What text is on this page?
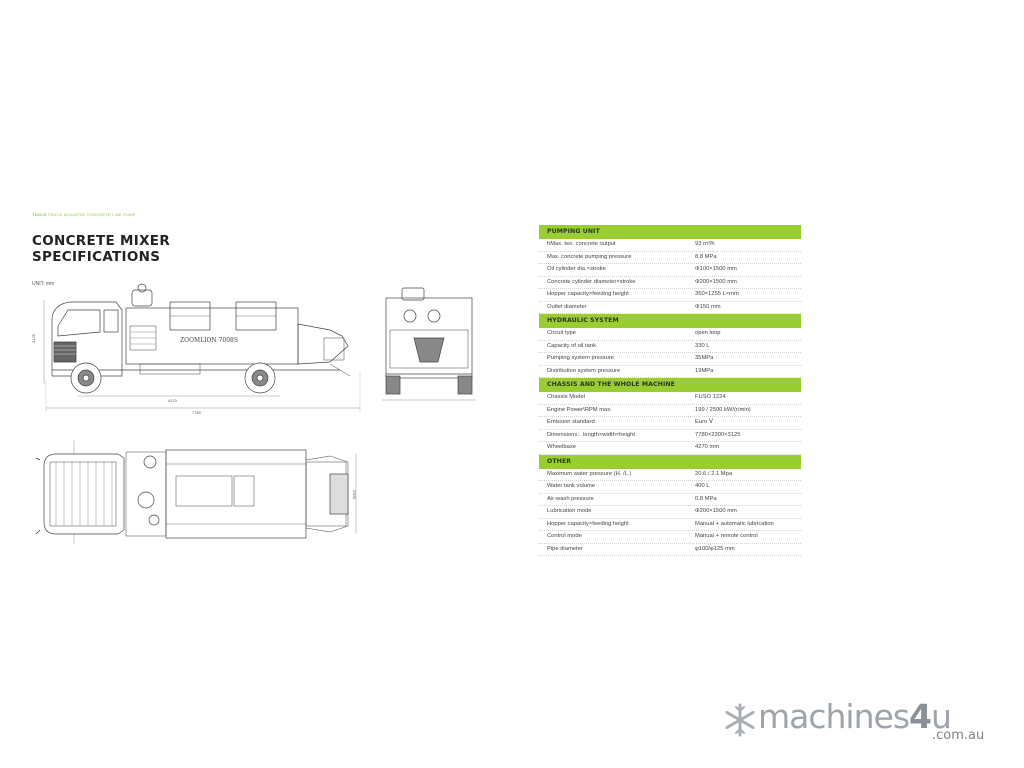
T100-R TRUCK MOUNTED CONCRETE LINE PUMP
CONCRETE MIXER
SPECIFICATIONS
UNIT: mm
ZOOMLION 7008S
3125
4270
7780
2300
PUMPING UNIT
hMax. teo. concrete output	93 m³/h
Max. concrete pumping pressure	8.8 MPa
Oil cylinder dia.×stroke	Φ100×1500 mm
Concrete cylinder diameter×stroke	Φ200×1500 mm
Hopper capacity×feeding height	350×1255 L×mm
Outlet diameter	Φ150 mm
HYDRAULIC SYSTEM
Circuit type	open loop
Capacity of oil tank	330 L
Pumping system pressure	35MPa
Distribution system pressure	19MPa
CHASSIS AND THE WHOLE MACHINE
Chassis Model	FUSO 1224
Engine Power\RPM max.	199 / 2500 kW/(r/min)
Emission standard	Euro Ⅴ
Dimensions：length×width×height	7780×2300×3125
Wheelbase	4270 mm
OTHER
Maximum water pressure (H. /L.)	20.6 / 2.1 Mpa
Water tank volume	400 L
Air-wash pressure	0.8 MPa
Lubrication mode	Φ200×1500 mm
Hopper capacity×feeding height	Manual + automatic lubrication
Control mode	Manual + remote control
Pipe diameter	φ100/φ125 mm
machines4u
.com.au
